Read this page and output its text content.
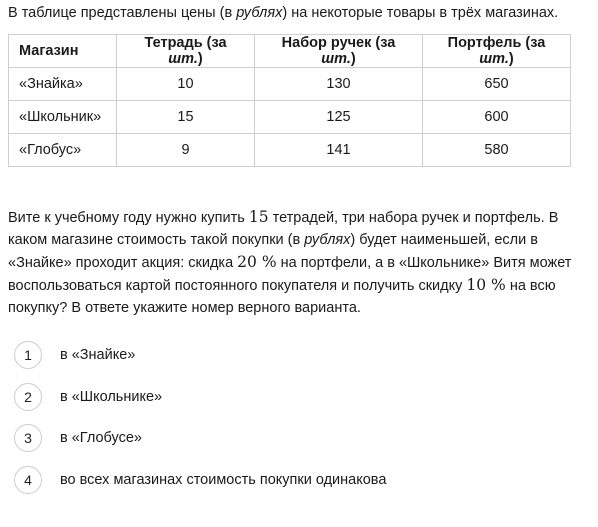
В таблице представлены цены (в рублях) на некоторые товары в трёх магазинах.
Магазин	Тетрадь (за шт.)	Набор ручек (за шт.)	Портфель (за шт.)
«Знайка»	10	130	650
«Школьник»	15	125	600
«Глобус»	9	141	580
Вите к учебному году нужно купить 15 тетрадей, три набора ручек и портфель. В каком магазине стоимость такой покупки (в рублях) будет наименьшей, если в «Знайке» проходит акция: скидка 20 % на портфели, а в «Школьнике» Витя может воспользоваться картой постоянного покупателя и получить скидку 10 % на всю покупку? В ответе укажите номер верного варианта.
1	в «Знайке»
2	в «Школьнике»
3	в «Глобусе»
4	во всех магазинах стоимость покупки одинакова
